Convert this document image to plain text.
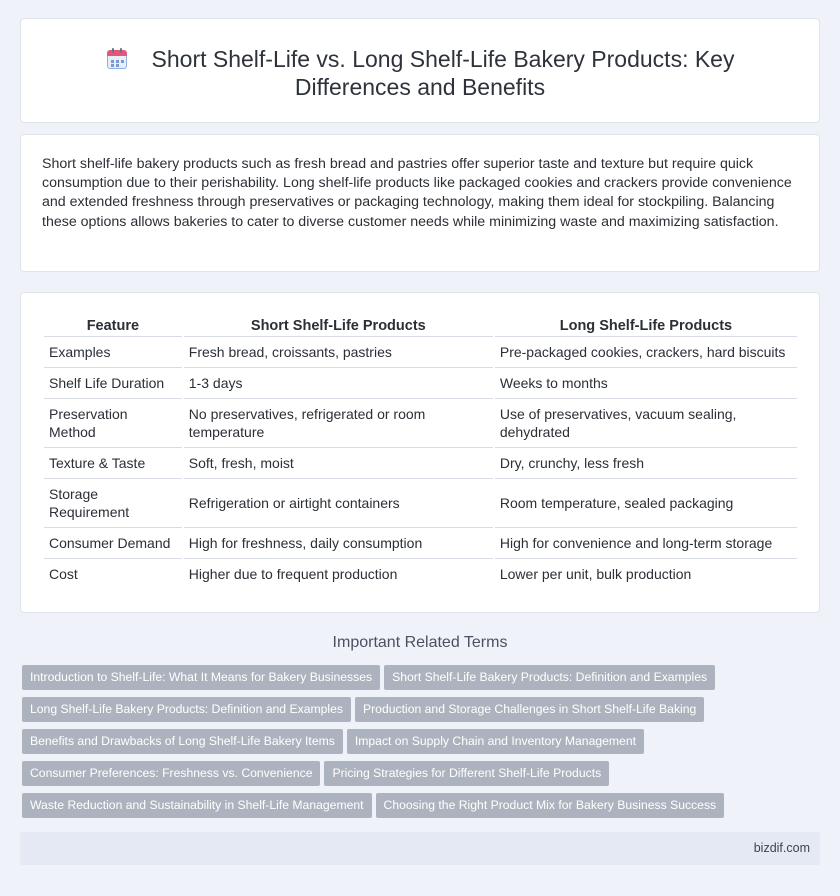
Short Shelf-Life vs. Long Shelf-Life Bakery Products: Key
Differences and Benefits

Short shelf-life bakery products such as fresh bread and pastries offer superior taste and texture but require quick consumption due to their perishability. Long shelf-life products like packaged cookies and crackers provide convenience and extended freshness through preservatives or packaging technology, making them ideal for stockpiling. Balancing these options allows bakeries to cater to diverse customer needs while minimizing waste and maximizing satisfaction.

Feature	Short Shelf-Life Products	Long Shelf-Life Products
Examples	Fresh bread, croissants, pastries	Pre-packaged cookies, crackers, hard biscuits
Shelf Life Duration	1-3 days	Weeks to months
Preservation Method	No preservatives, refrigerated or room temperature	Use of preservatives, vacuum sealing, dehydrated
Texture & Taste	Soft, fresh, moist	Dry, crunchy, less fresh
Storage Requirement	Refrigeration or airtight containers	Room temperature, sealed packaging
Consumer Demand	High for freshness, daily consumption	High for convenience and long-term storage
Cost	Higher due to frequent production	Lower per unit, bulk production
Important Related Terms
Introduction to Shelf-Life: What It Means for Bakery Businesses Short Shelf-Life Bakery Products: Definition and Examples
Long Shelf-Life Bakery Products: Definition and Examples Production and Storage Challenges in Short Shelf-Life Baking
Benefits and Drawbacks of Long Shelf-Life Bakery Items Impact on Supply Chain and Inventory Management
Consumer Preferences: Freshness vs. Convenience Pricing Strategies for Different Shelf-Life Products
Waste Reduction and Sustainability in Shelf-Life Management Choosing the Right Product Mix for Bakery Business Success
bizdif.com
